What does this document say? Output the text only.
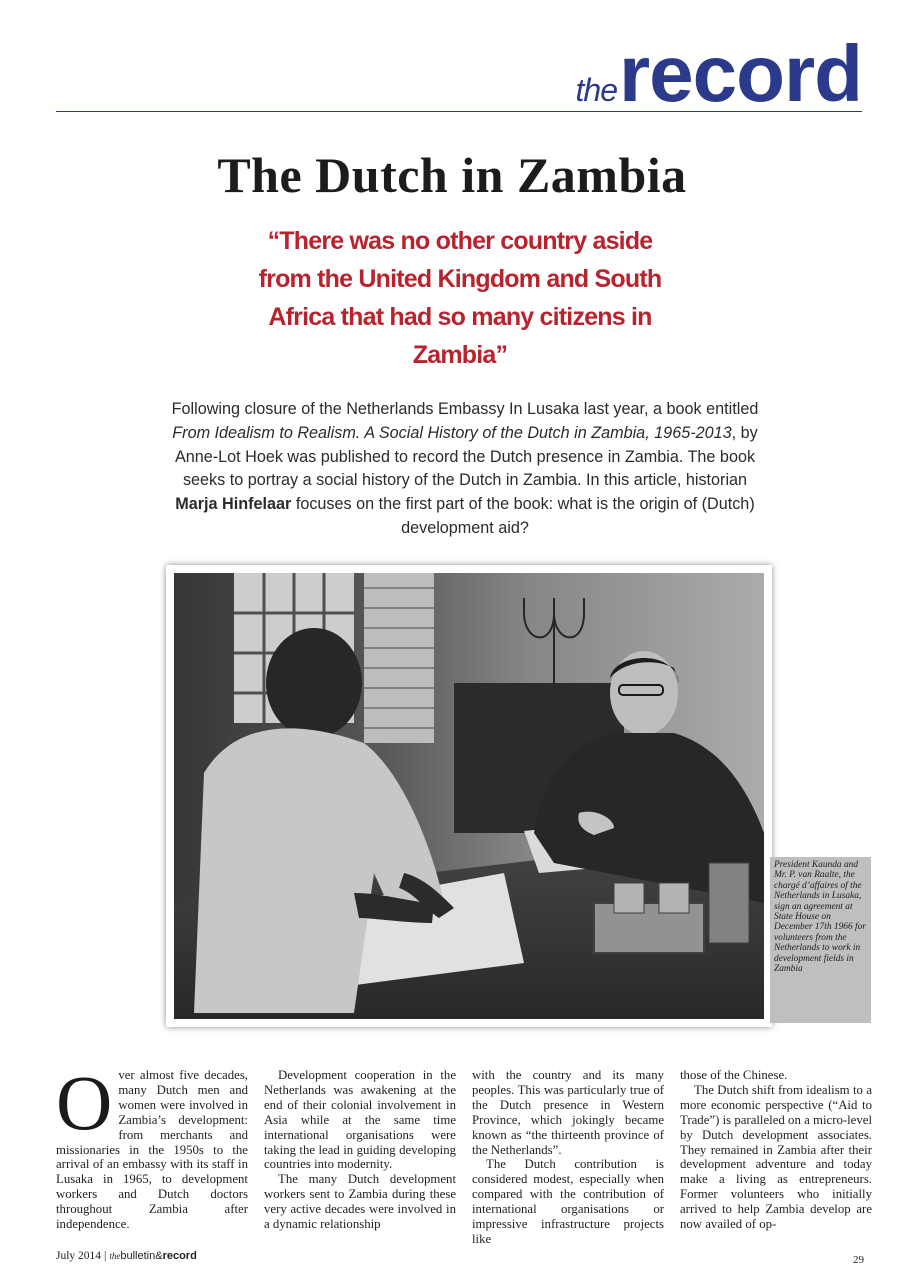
the record
The Dutch in Zambia
“There was no other country aside from the United Kingdom and South Africa that had so many citizens in Zambia”

Following closure of the Netherlands Embassy In Lusaka last year, a book entitled From Idealism to Realism. A Social History of the Dutch in Zambia, 1965-2013, by Anne-Lot Hoek was published to record the Dutch presence in Zambia. The book seeks to portray a social history of the Dutch in Zambia. In this article, historian Marja Hinfelaar focuses on the first part of the book: what is the origin of (Dutch) development aid?

President Kaunda and Mr. P. van Raalte, the chargé d’affaires of the Netherlands in Lusaka, sign an agreement at State House on December 17th 1966 for volunteers from the Netherlands to work in development fields in Zambia

Over almost five decades, many Dutch men and women were involved in Zambia’s development: from merchants and missionaries in the 1950s to the arrival of an embassy with its staff in Lusaka in 1965, to development workers and Dutch doctors throughout Zambia after independence.

Development cooperation in the Netherlands was awakening at the end of their colonial involvement in Asia while at the same time international organisations were taking the lead in guiding developing countries into modernity.

The many Dutch development workers sent to Zambia during these very active decades were involved in a dynamic relationship

with the country and its many peoples. This was particularly true of the Dutch presence in Western Province, which jokingly became known as “the thirteenth province of the Netherlands”.

The Dutch contribution is considered modest, especially when compared with the contribution of international organisations or impressive infrastructure projects like

those of the Chinese.

The Dutch shift from idealism to a more economic perspective (“Aid to Trade”) is paralleled on a micro-level by Dutch development associates. They remained in Zambia after their development adventure and today make a living as entrepreneurs. Former volunteers who initially arrived to help Zambia develop are now availed of op-

July 2014 | thebulletin&record	29
